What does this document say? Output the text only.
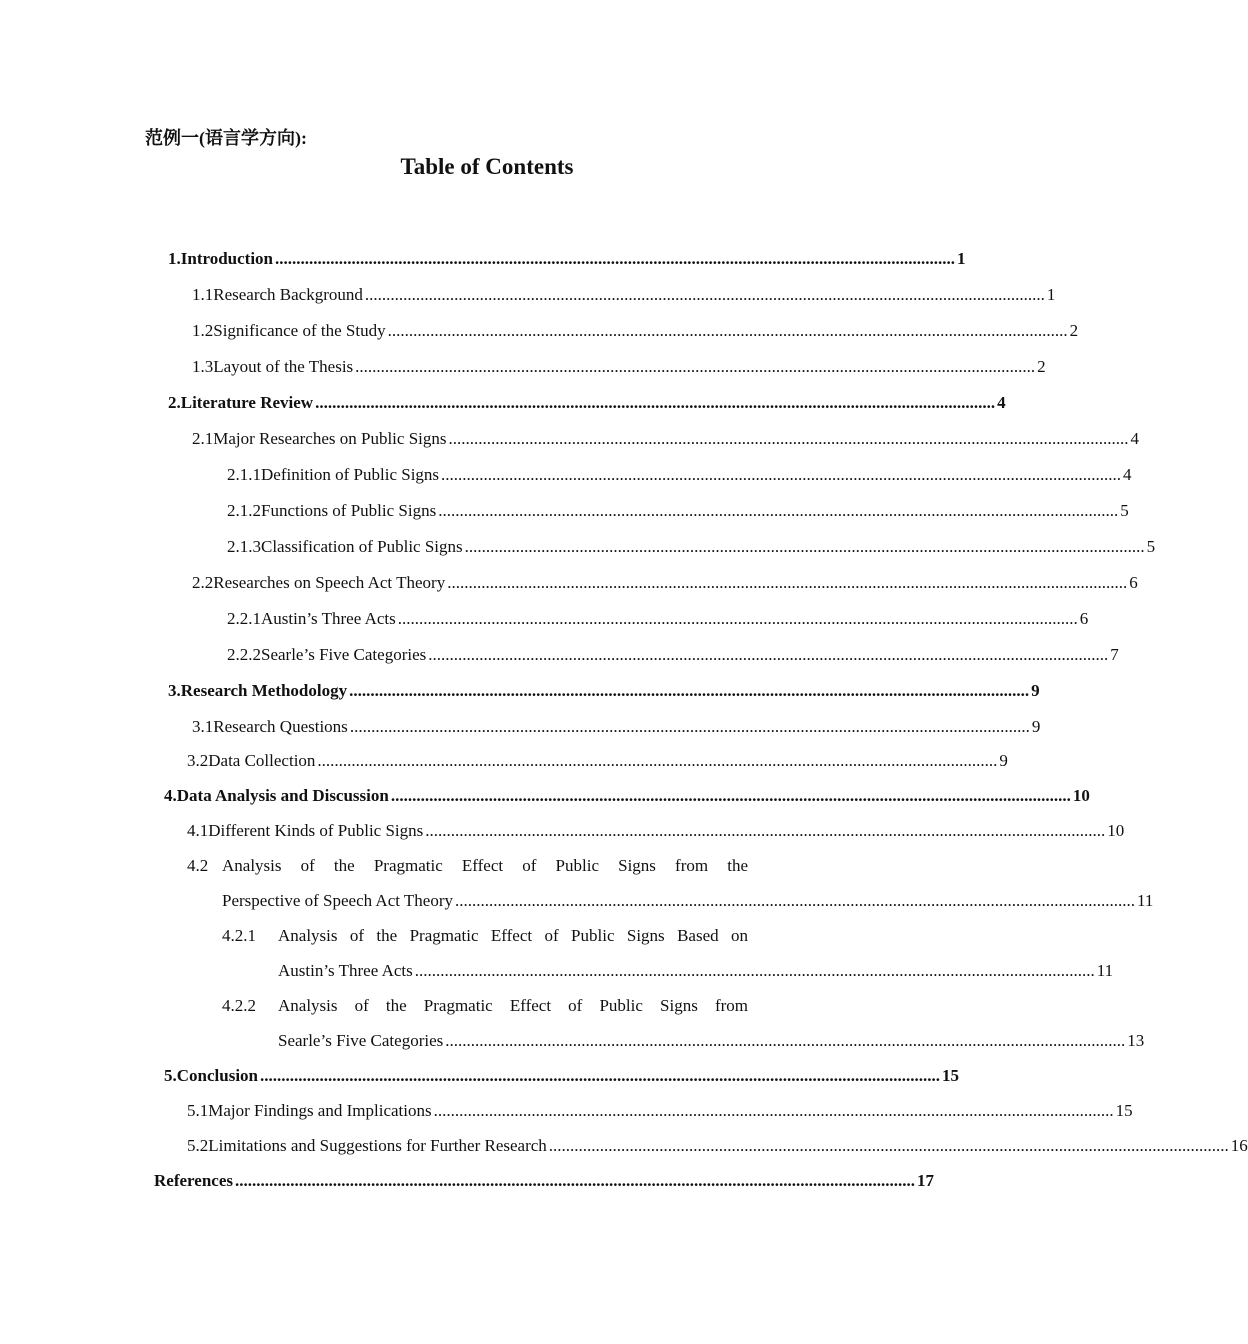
范例一(语言学方向):
Table of Contents
1. Introduction ................................................................................................................................................................ 1
1.1 Research Background ................................................................................................................................................................ 1
1.2 Significance of the Study ................................................................................................................................................................ 2
1.3 Layout of the Thesis ................................................................................................................................................................ 2
2. Literature Review ................................................................................................................................................................ 4
2.1 Major Researches on Public Signs ................................................................................................................................................................ 4
2.1.1 Definition of Public Signs ................................................................................................................................................................ 4
2.1.2 Functions of Public Signs ................................................................................................................................................................ 5
2.1.3 Classification of Public Signs ................................................................................................................................................................ 5
2.2 Researches on Speech Act Theory ................................................................................................................................................................ 6
2.2.1 Austin’s Three Acts ................................................................................................................................................................ 6
2.2.2 Searle’s Five Categories ................................................................................................................................................................ 7
3. Research Methodology ................................................................................................................................................................ 9
3.1 Research Questions ................................................................................................................................................................ 9
3.2 Data Collection ................................................................................................................................................................ 9
4. Data Analysis and Discussion ................................................................................................................................................................ 10
4.1 Different Kinds of Public Signs ................................................................................................................................................................ 10
4.2 Analysis of the Pragmatic Effect of Public Signs from the
Perspective of Speech Act Theory ................................................................................................................................................................ 11
4.2.1	Analysis of the Pragmatic Effect of Public Signs Based on
Austin’s Three Acts ................................................................................................................................................................ 11
4.2.2	Analysis of the Pragmatic Effect of Public Signs from
Searle’s Five Categories ................................................................................................................................................................ 13
5. Conclusion ................................................................................................................................................................ 15
5.1 Major Findings and Implications ................................................................................................................................................................ 15
5.2 Limitations and Suggestions for Further Research ................................................................................................................................................................ 16
References ................................................................................................................................................................ 17
